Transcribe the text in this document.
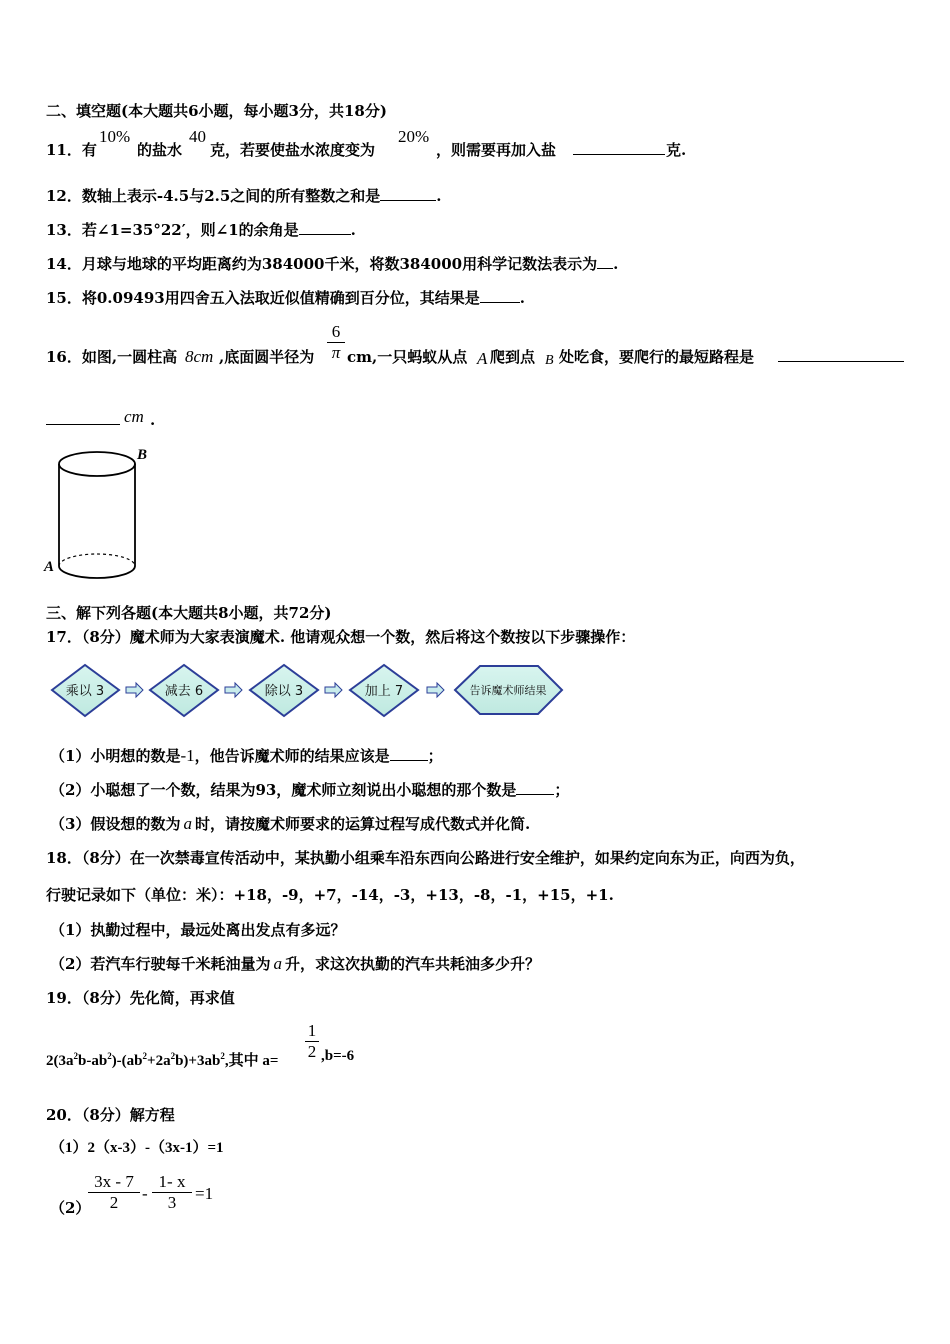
二、填空题(本大题共6小题，每小题3分，共18分)
11．有
10%
的盐水
40
克，若要使盐水浓度变为
20%
，则需要再加入盐	克.
12．数轴上表示-4.5与2.5之间的所有整数之和是	.
13．若∠1=35°22′，则∠1的余角是	.
14．月球与地球的平均距离约为384000千米，将数384000用科学记数法表示为 .
15．将0.09493用四舍五入法取近似值精确到百分位，其结果是	.
16．如图,一圆柱高 8cm ,底面圆半径为
6
π cm,一只蚂蚁从点 A 爬到点 B 处吃食，要爬行的最短路程是
cm .
B
A
三、解下列各题(本大题共8小题，共72分)
17．（8分）魔术师为大家表演魔术. 他请观众想一个数，然后将这个数按以下步骤操作：
乘以 3	减去 6	除以 3	加上 7	告诉魔术师结果
（1）小明想的数是-1，他告诉魔术师的结果应该是	；
（2）小聪想了一个数，结果为93，魔术师立刻说出小聪想的那个数是	；
（3）假设想的数为 a 时，请按魔术师要求的运算过程写成代数式并化简.
18．（8分）在一次禁毒宣传活动中，某执勤小组乘车沿东西向公路进行安全维护，如果约定向东为正，向西为负，
行驶记录如下（单位：米）：+18，-9，+7，-14，-3，+13，-8，-1，+15，+1.
（1）执勤过程中，最远处离出发点有多远？
（2）若汽车行驶每千米耗油量为 a 升，求这次执勤的汽车共耗油多少升？
19．（8分）先化简，再求值
$2(3a^2b-ab^2)-(ab^2+2a^2b)+3ab^2$,其中 a=
1
2 ,b=-6
20．（8分）解方程
（1）2（x-3）-（3x-1）=1
（2）
3x - 7
2	-
1- x
3	=1
